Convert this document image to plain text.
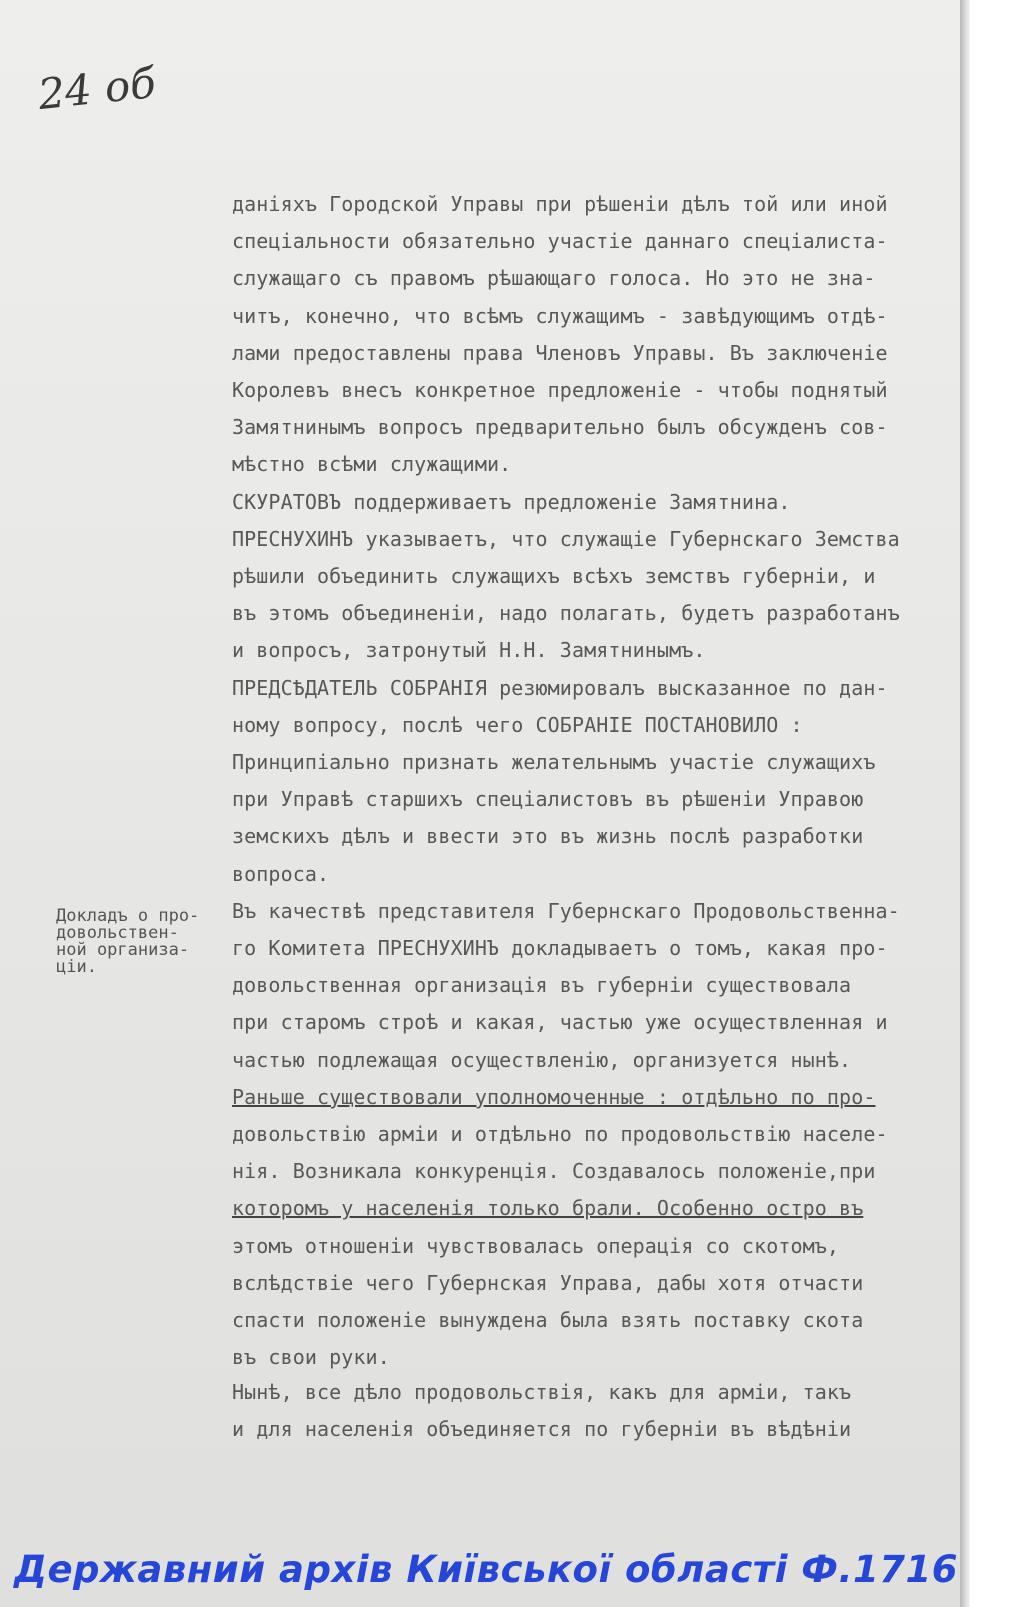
24 об
даніяхъ Городской Управы при рѣшеніи дѣлъ той или иной
спеціальности обязательно участіе даннаго спеціалиста-
служащаго съ правомъ рѣшающаго голоса. Но это не зна-
читъ, конечно, что всѣмъ служащимъ - завѣдующимъ отдѣ-
лами предоставлены права Членовъ Управы. Въ заключеніе
Королевъ внесъ конкретное предложеніе - чтобы поднятый
Замятнинымъ вопросъ предварительно былъ обсужденъ сов-
мѣстно всѣми служащими.
СКУРАТОВЪ поддерживаетъ предложеніе Замятнина.
ПРЕСНУХИНЪ указываетъ, что служащіе Губернскаго Земства
рѣшили объединить служащихъ всѣхъ земствъ губерніи, и
въ этомъ объединеніи, надо полагать, будетъ разработанъ
и вопросъ, затронутый Н.Н. Замятнинымъ.
ПРЕДСѢДАТЕЛЬ СОБРАНІЯ резюмировалъ высказанное по дан-
ному вопросу, послѣ чего СОБРАНІЕ ПОСТАНОВИЛО :
Принципіально признать желательнымъ участіе служащихъ
при Управѣ старшихъ спеціалистовъ въ рѣшеніи Управою
земскихъ дѣлъ и ввести это въ жизнь послѣ разработки
вопроса.
Въ качествѣ представителя Губернскаго Продовольственна-
го Комитета ПРЕСНУХИНЪ докладываетъ о томъ, какая про-
довольственная организація въ губерніи существовала
при старомъ строѣ и какая, частью уже осуществленная и
частью подлежащая осуществленію, организуется нынѣ.
Раньше существовали уполномоченные : отдѣльно по про-
довольствію арміи и отдѣльно по продовольствію населе-
нія. Возникала конкуренція. Создавалось положеніе,при
которомъ у населенія только брали. Особенно остро въ
этомъ отношеніи чувствовалась операція со скотомъ,
вслѣдствіе чего Губернская Управа, дабы хотя отчасти
спасти положеніе вынуждена была взять поставку скота
въ свои руки.
Докладъ о про-
довольствен-
ной организа-
ціи.
Нынѣ, все дѣло продовольствія, какъ для арміи, такъ
и для населенія объединяется по губерніи въ вѣдѣніи
Державний архів Київської області Ф.1716
